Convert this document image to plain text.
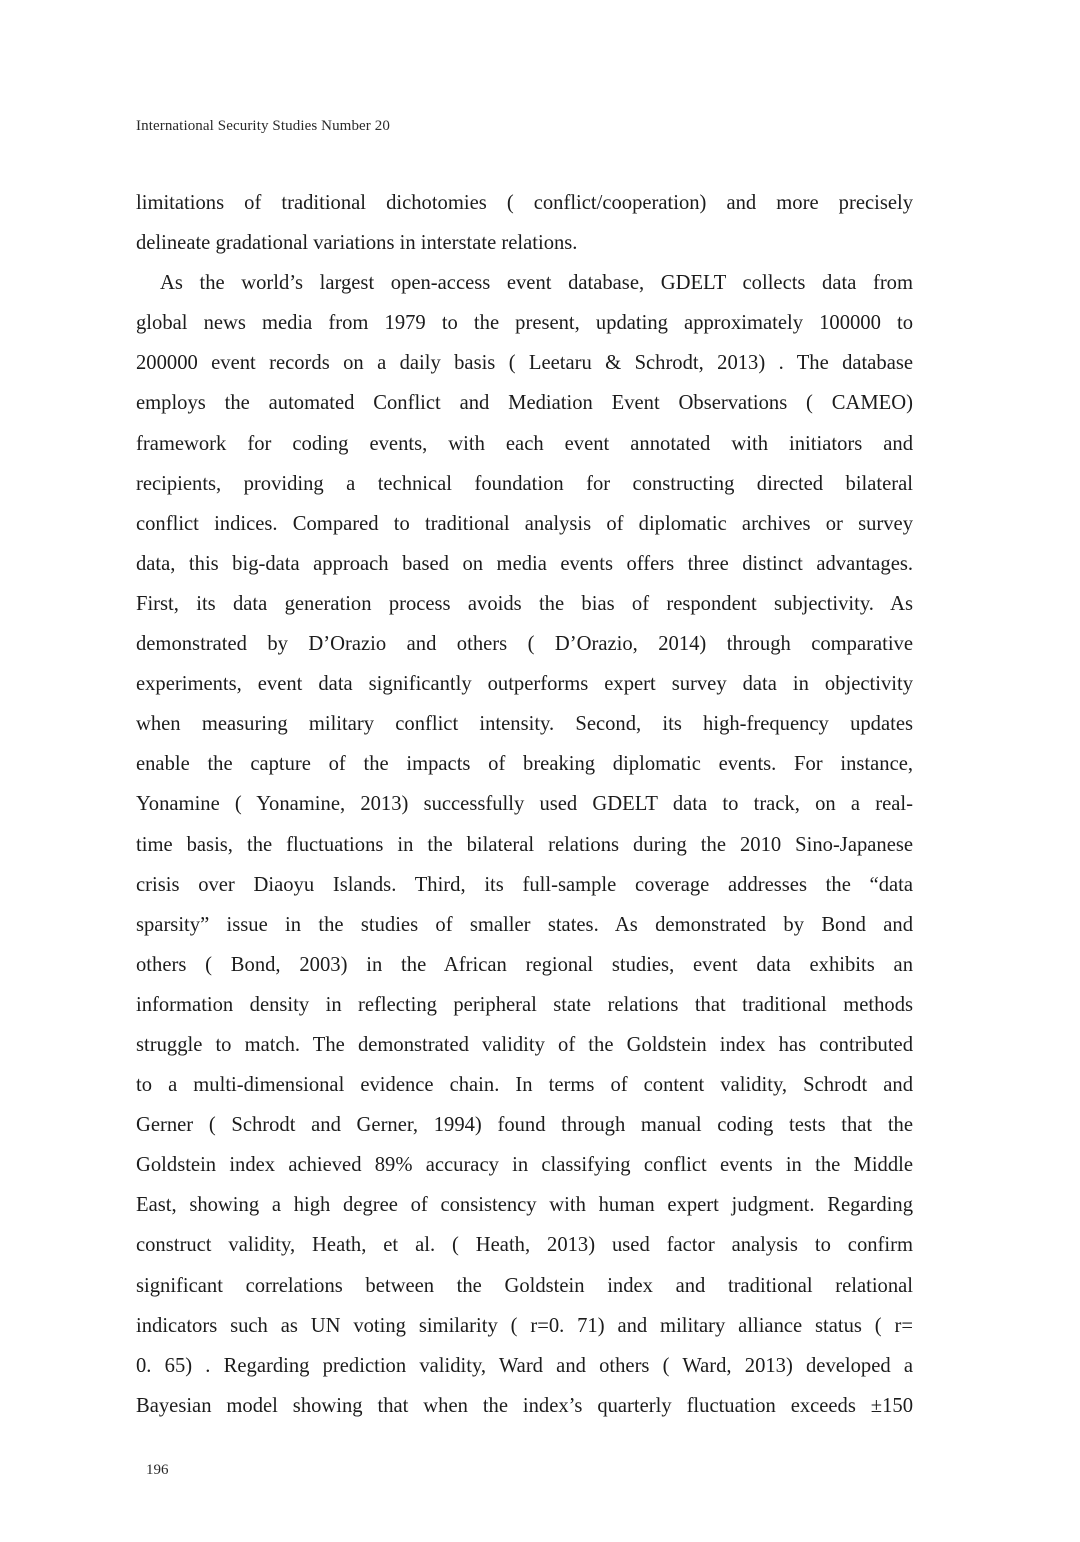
International Security Studies Number 20
limitations of traditional dichotomies ( conflict/cooperation) and more precisely
delineate gradational variations in interstate relations.
As the world’s largest open-access event database, GDELT collects data from
global news media from 1979 to the present, updating approximately 100000 to
200000 event records on a daily basis ( Leetaru & Schrodt, 2013) . The database
employs the automated Conflict and Mediation Event Observations ( CAMEO)
framework for coding events, with each event annotated with initiators and
recipients, providing a technical foundation for constructing directed bilateral
conflict indices. Compared to traditional analysis of diplomatic archives or survey
data, this big-data approach based on media events offers three distinct advantages.
First, its data generation process avoids the bias of respondent subjectivity. As
demonstrated by D’Orazio and others ( D’Orazio, 2014) through comparative
experiments, event data significantly outperforms expert survey data in objectivity
when measuring military conflict intensity. Second, its high-frequency updates
enable the capture of the impacts of breaking diplomatic events. For instance,
Yonamine ( Yonamine, 2013) successfully used GDELT data to track, on a real-
time basis, the fluctuations in the bilateral relations during the 2010 Sino-Japanese
crisis over Diaoyu Islands. Third, its full-sample coverage addresses the “data
sparsity” issue in the studies of smaller states. As demonstrated by Bond and
others ( Bond, 2003) in the African regional studies, event data exhibits an
information density in reflecting peripheral state relations that traditional methods
struggle to match. The demonstrated validity of the Goldstein index has contributed
to a multi-dimensional evidence chain. In terms of content validity, Schrodt and
Gerner ( Schrodt and Gerner, 1994) found through manual coding tests that the
Goldstein index achieved 89% accuracy in classifying conflict events in the Middle
East, showing a high degree of consistency with human expert judgment. Regarding
construct validity, Heath, et al. ( Heath, 2013) used factor analysis to confirm
significant correlations between the Goldstein index and traditional relational
indicators such as UN voting similarity ( r=0. 71) and military alliance status ( r=
0. 65) . Regarding prediction validity, Ward and others ( Ward, 2013) developed a
Bayesian model showing that when the index’s quarterly fluctuation exceeds ±150
196
